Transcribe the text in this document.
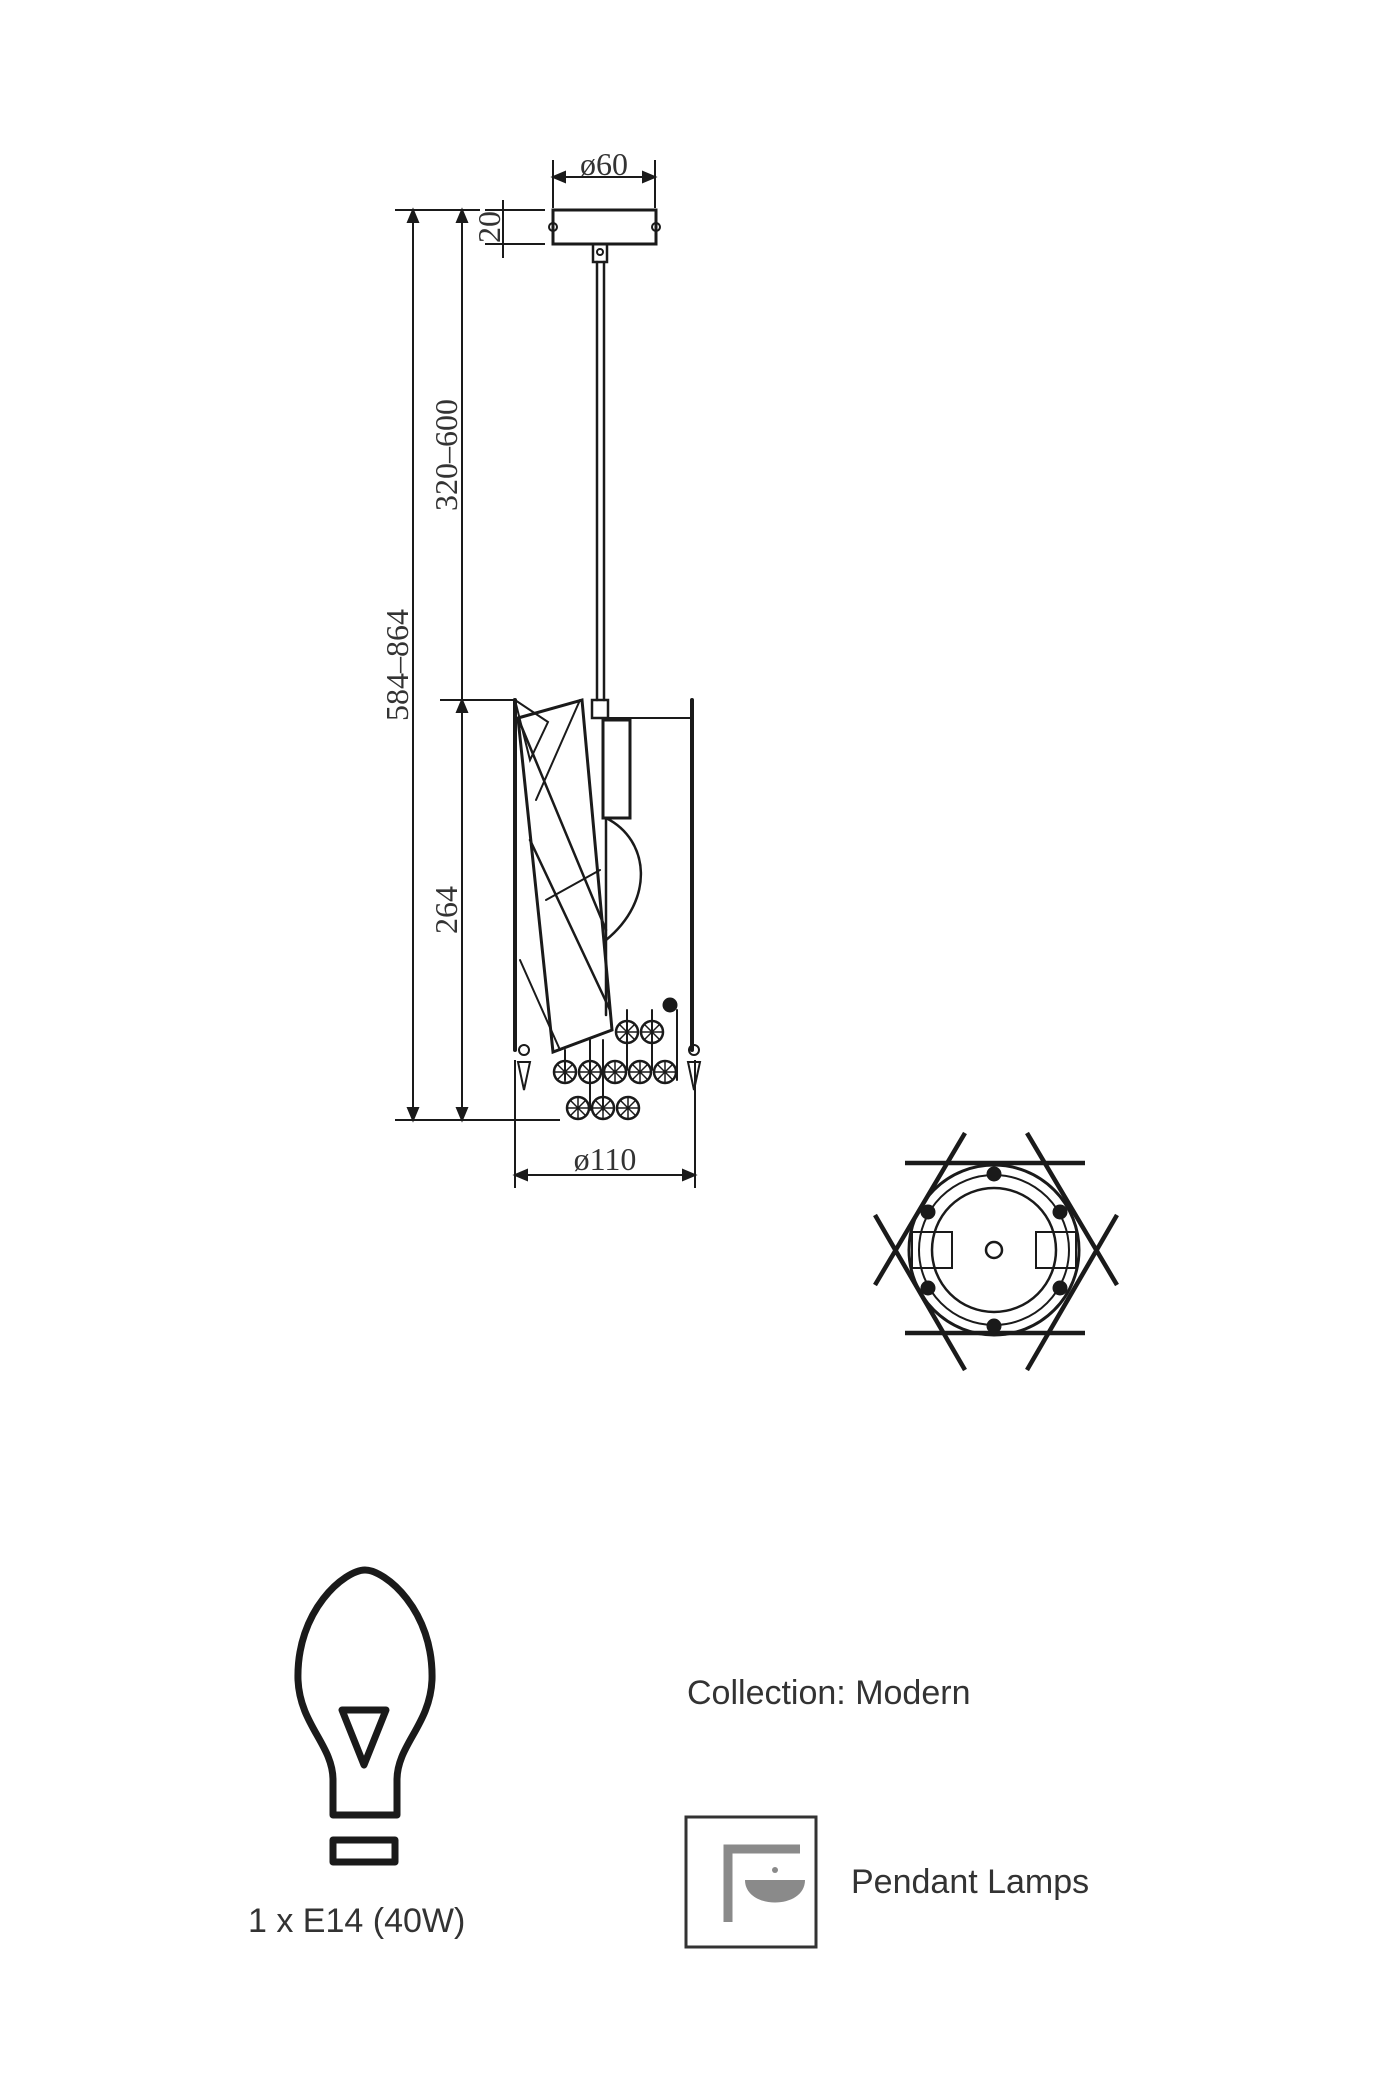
ø60
20
584–864
320–600
264
ø110
Collection: Modern
1 x E14 (40W)
Pendant Lamps
